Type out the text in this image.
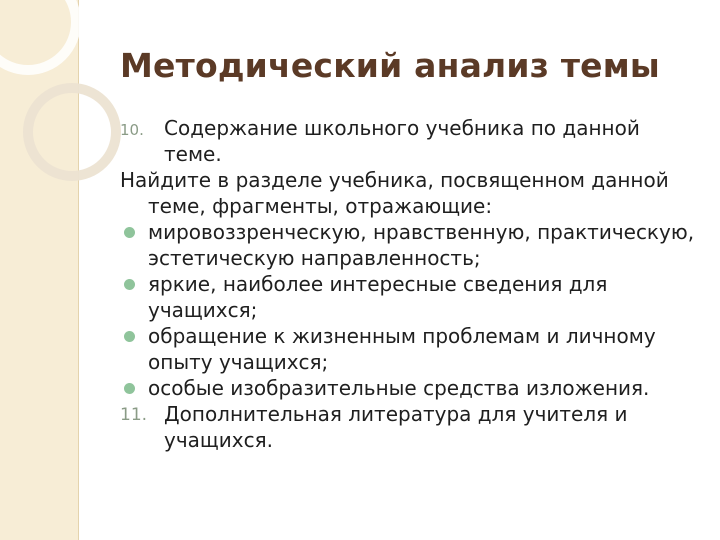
Методический анализ темы

10. Содержание школьного учебника по данной теме.

Найдите в разделе учебника, посвященном данной теме, фрагменты, отражающие:

мировоззренческую, нравственную, практическую, эстетическую направленность;

яркие, наиболее интересные сведения для учащихся;

обращение к жизненным проблемам и личному опыту учащихся;

особые изобразительные средства изложения.

11. Дополнительная литература для учителя и учащихся.
